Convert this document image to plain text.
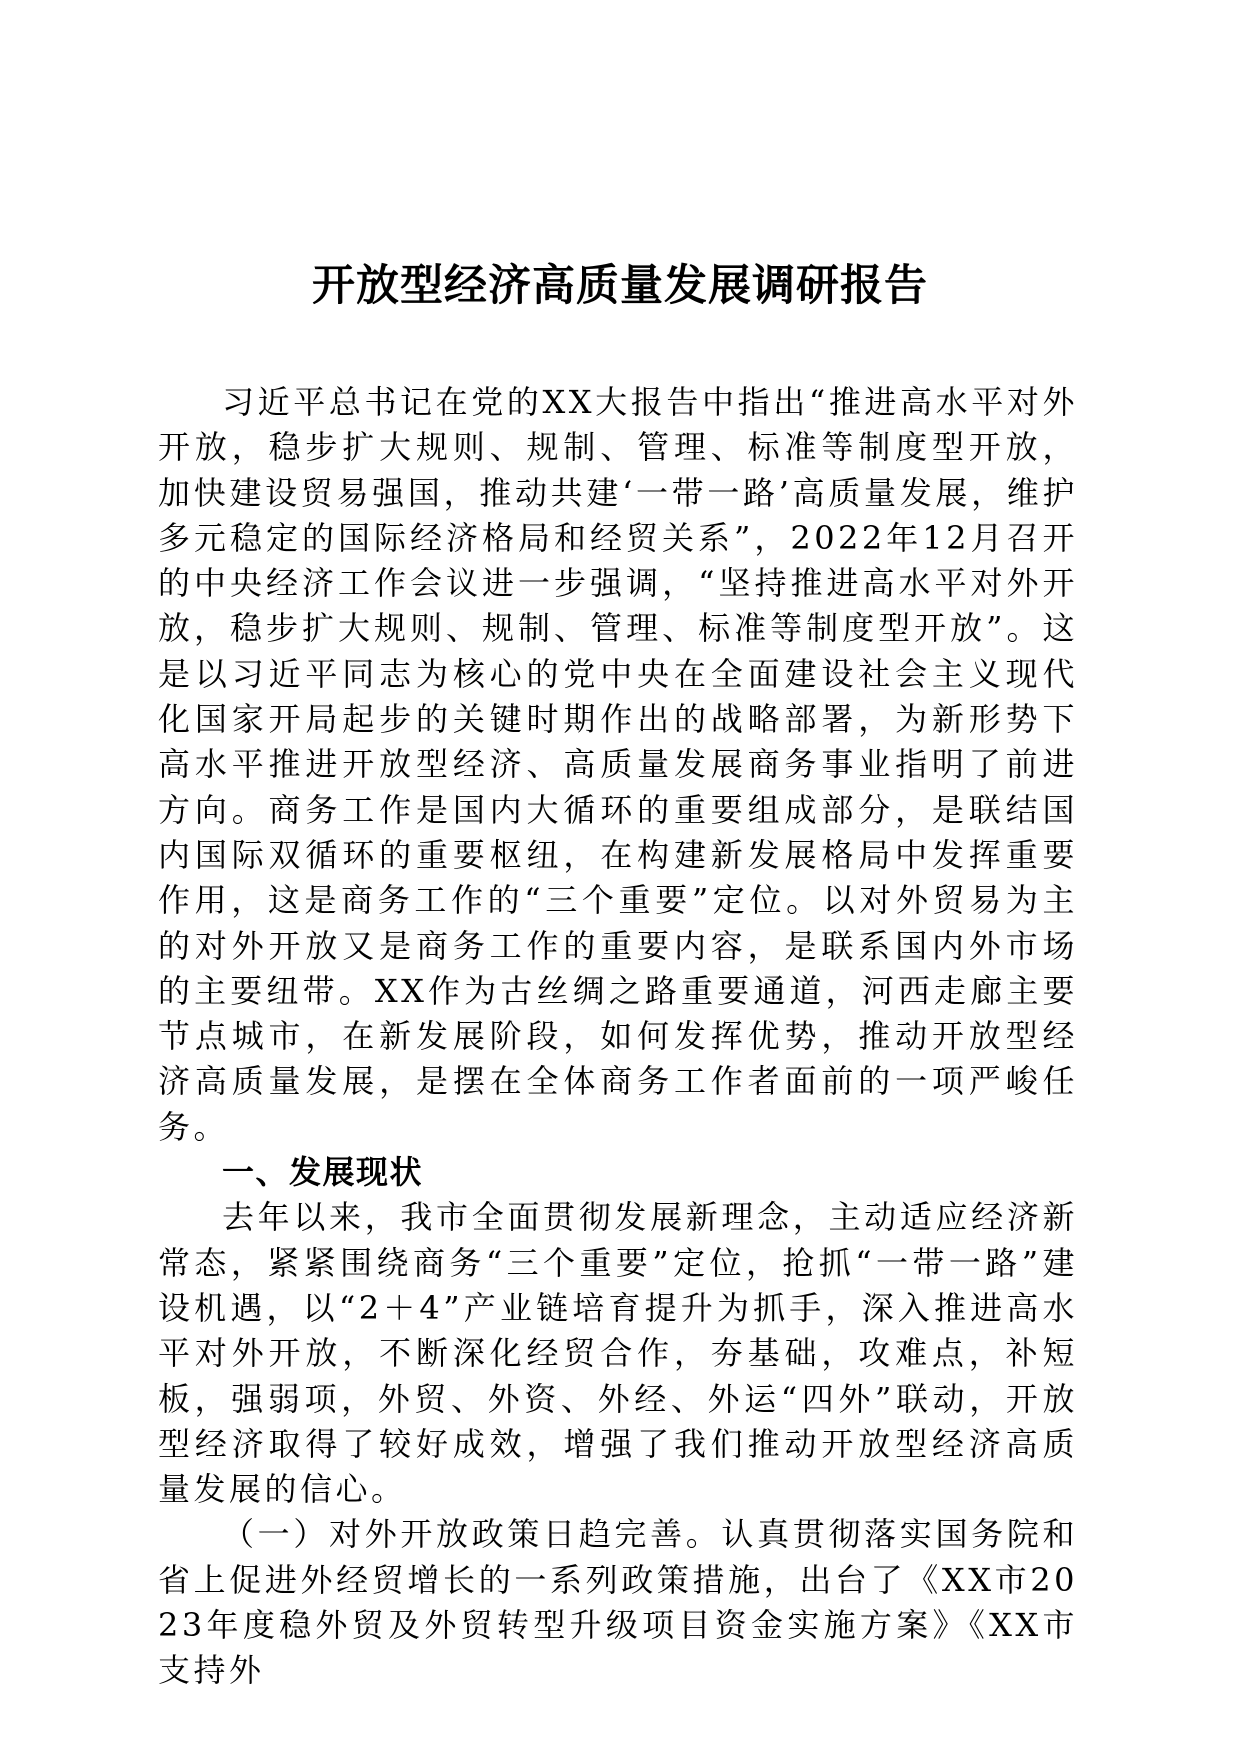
开放型经济高质量发展调研报告

习近平总书记在党的XX大报告中指出“推进高水平对外开放，稳步扩大规则、规制、管理、标准等制度型开放，加快建设贸易强国，推动共建‘一带一路’高质量发展，维护多元稳定的国际经济格局和经贸关系”，2022年12月召开的中央经济工作会议进一步强调，“坚持推进高水平对外开放，稳步扩大规则、规制、管理、标准等制度型开放”。这是以习近平同志为核心的党中央在全面建设社会主义现代化国家开局起步的关键时期作出的战略部署，为新形势下高水平推进开放型经济、高质量发展商务事业指明了前进方向。商务工作是国内大循环的重要组成部分，是联结国内国际双循环的重要枢纽，在构建新发展格局中发挥重要作用，这是商务工作的“三个重要”定位。以对外贸易为主的对外开放又是商务工作的重要内容，是联系国内外市场的主要纽带。XX作为古丝绸之路重要通道，河西走廊主要节点城市，在新发展阶段，如何发挥优势，推动开放型经济高质量发展，是摆在全体商务工作者面前的一项严峻任务。

一、发展现状

去年以来，我市全面贯彻发展新理念，主动适应经济新常态，紧紧围绕商务“三个重要”定位，抢抓“一带一路”建设机遇，以“2＋4”产业链培育提升为抓手，深入推进高水平对外开放，不断深化经贸合作，夯基础，攻难点，补短板，强弱项，外贸、外资、外经、外运“四外”联动，开放型经济取得了较好成效，增强了我们推动开放型经济高质量发展的信心。

（一）对外开放政策日趋完善。认真贯彻落实国务院和省上促进外经贸增长的一系列政策措施，出台了《XX市2023年度稳外贸及外贸转型升级项目资金实施方案》《XX市支持外
